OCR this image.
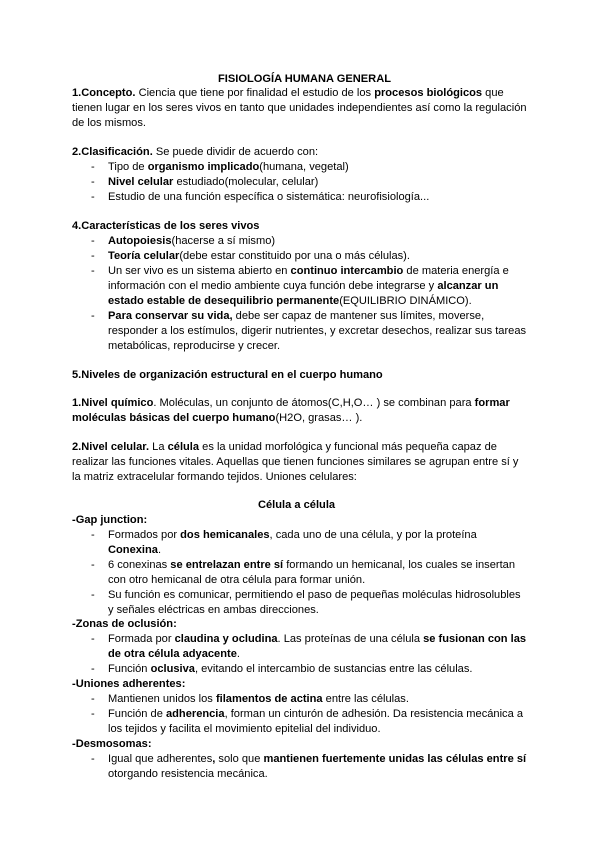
FISIOLOGÍA HUMANA GENERAL
1.Concepto. Ciencia que tiene por finalidad el estudio de los procesos biológicos que
tienen lugar en los seres vivos en tanto que unidades independientes así como la regulación
de los mismos.
2.Clasificación. Se puede dividir de acuerdo con:
- Tipo de organismo implicado(humana, vegetal)
- Nivel celular estudiado(molecular, celular)
- Estudio de una función específica o sistemática: neurofisiología...
4.Características de los seres vivos
- Autopoiesis(hacerse a sí mismo)
- Teoría celular(debe estar constituido por una o más células).
- Un ser vivo es un sistema abierto en continuo intercambio de materia energía e
información con el medio ambiente cuya función debe integrarse y alcanzar un
estado estable de desequilibrio permanente(EQUILIBRIO DINÁMICO).
- Para conservar su vida, debe ser capaz de mantener sus límites, moverse,
responder a los estímulos, digerir nutrientes, y excretar desechos, realizar sus tareas
metabólicas, reproducirse y crecer.
5.Niveles de organización estructural en el cuerpo humano
1.Nivel químico. Moléculas, un conjunto de átomos(C,H,O… ) se combinan para formar
moléculas básicas del cuerpo humano(H2O, grasas… ).
2.Nivel celular. La célula es la unidad morfológica y funcional más pequeña capaz de
realizar las funciones vitales. Aquellas que tienen funciones similares se agrupan entre sí y
la matriz extracelular formando tejidos. Uniones celulares:
Célula a célula
-Gap junction:
- Formados por dos hemicanales, cada uno de una célula, y por la proteína
Conexina.
- 6 conexinas se entrelazan entre sí formando un hemicanal, los cuales se insertan
con otro hemicanal de otra célula para formar unión.
- Su función es comunicar, permitiendo el paso de pequeñas moléculas hidrosolubles
y señales eléctricas en ambas direcciones.
-Zonas de oclusión:
- Formada por claudina y ocludina. Las proteínas de una célula se fusionan con las
de otra célula adyacente.
- Función oclusiva, evitando el intercambio de sustancias entre las células.
-Uniones adherentes:
- Mantienen unidos los filamentos de actina entre las células.
- Función de adherencia, forman un cinturón de adhesión. Da resistencia mecánica a
los tejidos y facilita el movimiento epitelial del individuo.
-Desmosomas:
- Igual que adherentes, solo que mantienen fuertemente unidas las células entre sí
otorgando resistencia mecánica.
